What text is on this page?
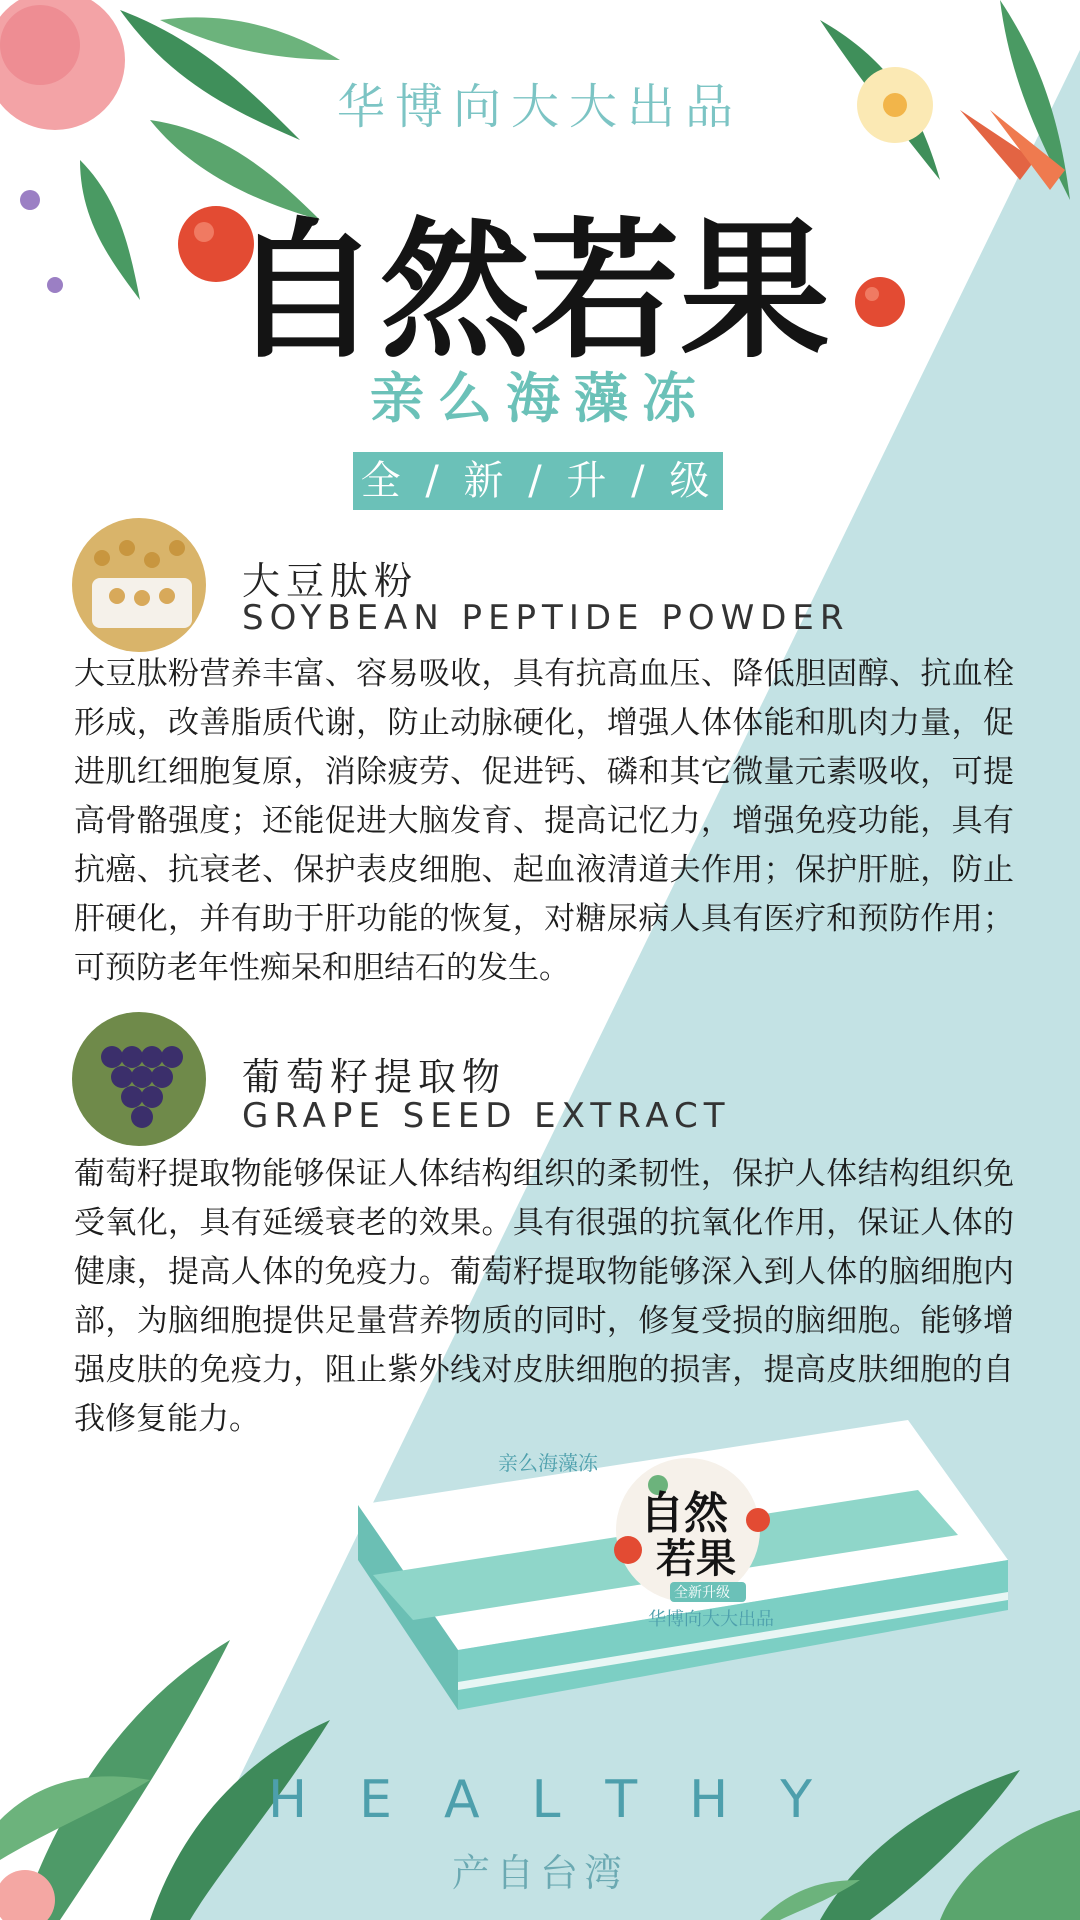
华博向大大出品
自然若果
亲么海藻冻
全 / 新 / 升 / 级
大豆肽粉
SOYBEAN PEPTIDE POWDER
大豆肽粉营养丰富、容易吸收，具有抗高血压、降低胆固醇、抗血栓形成，改善脂质代谢，防止动脉硬化，增强人体体能和肌肉力量，促进肌红细胞复原，消除疲劳、促进钙、磷和其它微量元素吸收，可提高骨骼强度；还能促进大脑发育、提高记忆力，增强免疫功能，具有抗癌、抗衰老、保护表皮细胞、起血液清道夫作用；保护肝脏，防止肝硬化，并有助于肝功能的恢复，对糖尿病人具有医疗和预防作用；可预防老年性痴呆和胆结石的发生。
葡萄籽提取物
GRAPE SEED EXTRACT
葡萄籽提取物能够保证人体结构组织的柔韧性，保护人体结构组织免受氧化，具有延缓衰老的效果。具有很强的抗氧化作用，保证人体的健康，提高人体的免疫力。葡萄籽提取物能够深入到人体的脑细胞内部，为脑细胞提供足量营养物质的同时，修复受损的脑细胞。能够增强皮肤的免疫力，阻止紫外线对皮肤细胞的损害，提高皮肤细胞的自我修复能力。
自然
若果
亲么海藻冻
全新升级
华博向大大出品
HEALTHY
产自台湾
